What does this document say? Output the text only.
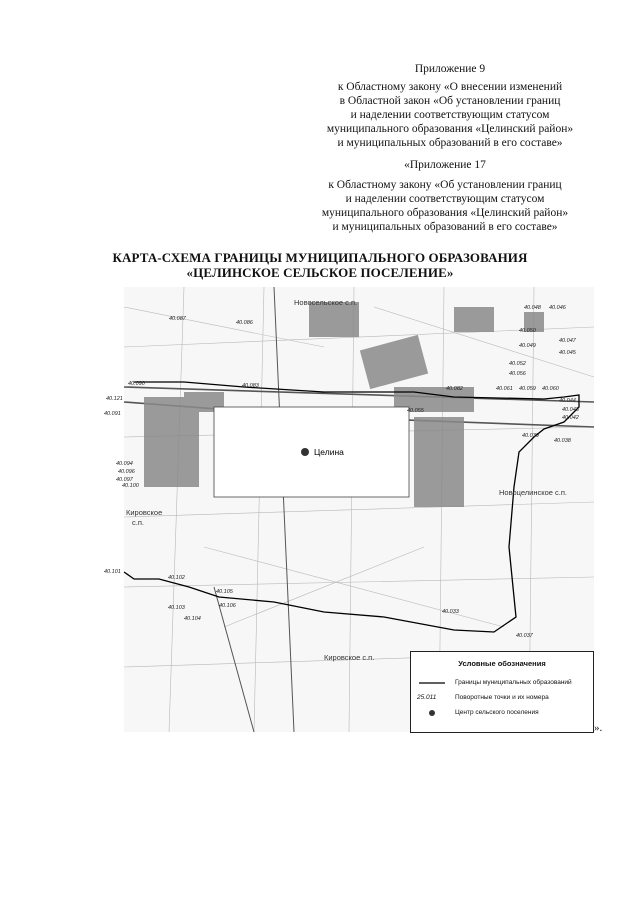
Приложение 9
к Областному закону «О внесении изменений
в Областной закон «Об установлении границ
и наделении соответствующим статусом
муниципального образования «Целинский район»
и муниципальных образований в его составе»
«Приложение 17
к Областному закону «Об установлении границ
и наделении соответствующим статусом
муниципального образования «Целинский район»
и муниципальных образований в его составе»
КАРТА-СХЕМА ГРАНИЦЫ МУНИЦИПАЛЬНОГО ОБРАЗОВАНИЯ
«ЦЕЛИНСКОЕ СЕЛЬСКОЕ ПОСЕЛЕНИЕ»
Целина
Новосельское с.п.
Новоцелинское с.п.
Кировское
с.п.
Кировское с.п.
40.087
40.086
40.090
40.121
40.091
40.094
40.096
40.097
40.100
40.101
40.102
40.103
40.105
40.106
40.104
40.083	40.082	40.061 40.059 40.060
40.055
40.048 40.046
40.050
40.049
40.047
40.045
40.052
40.044
40.043
40.042
40.039
40.038
40.037
40.033
40.056
Условные обозначения
Границы муниципальных образований
25.011	Поворотные точки и их номера
Центр сельского поселения
».
